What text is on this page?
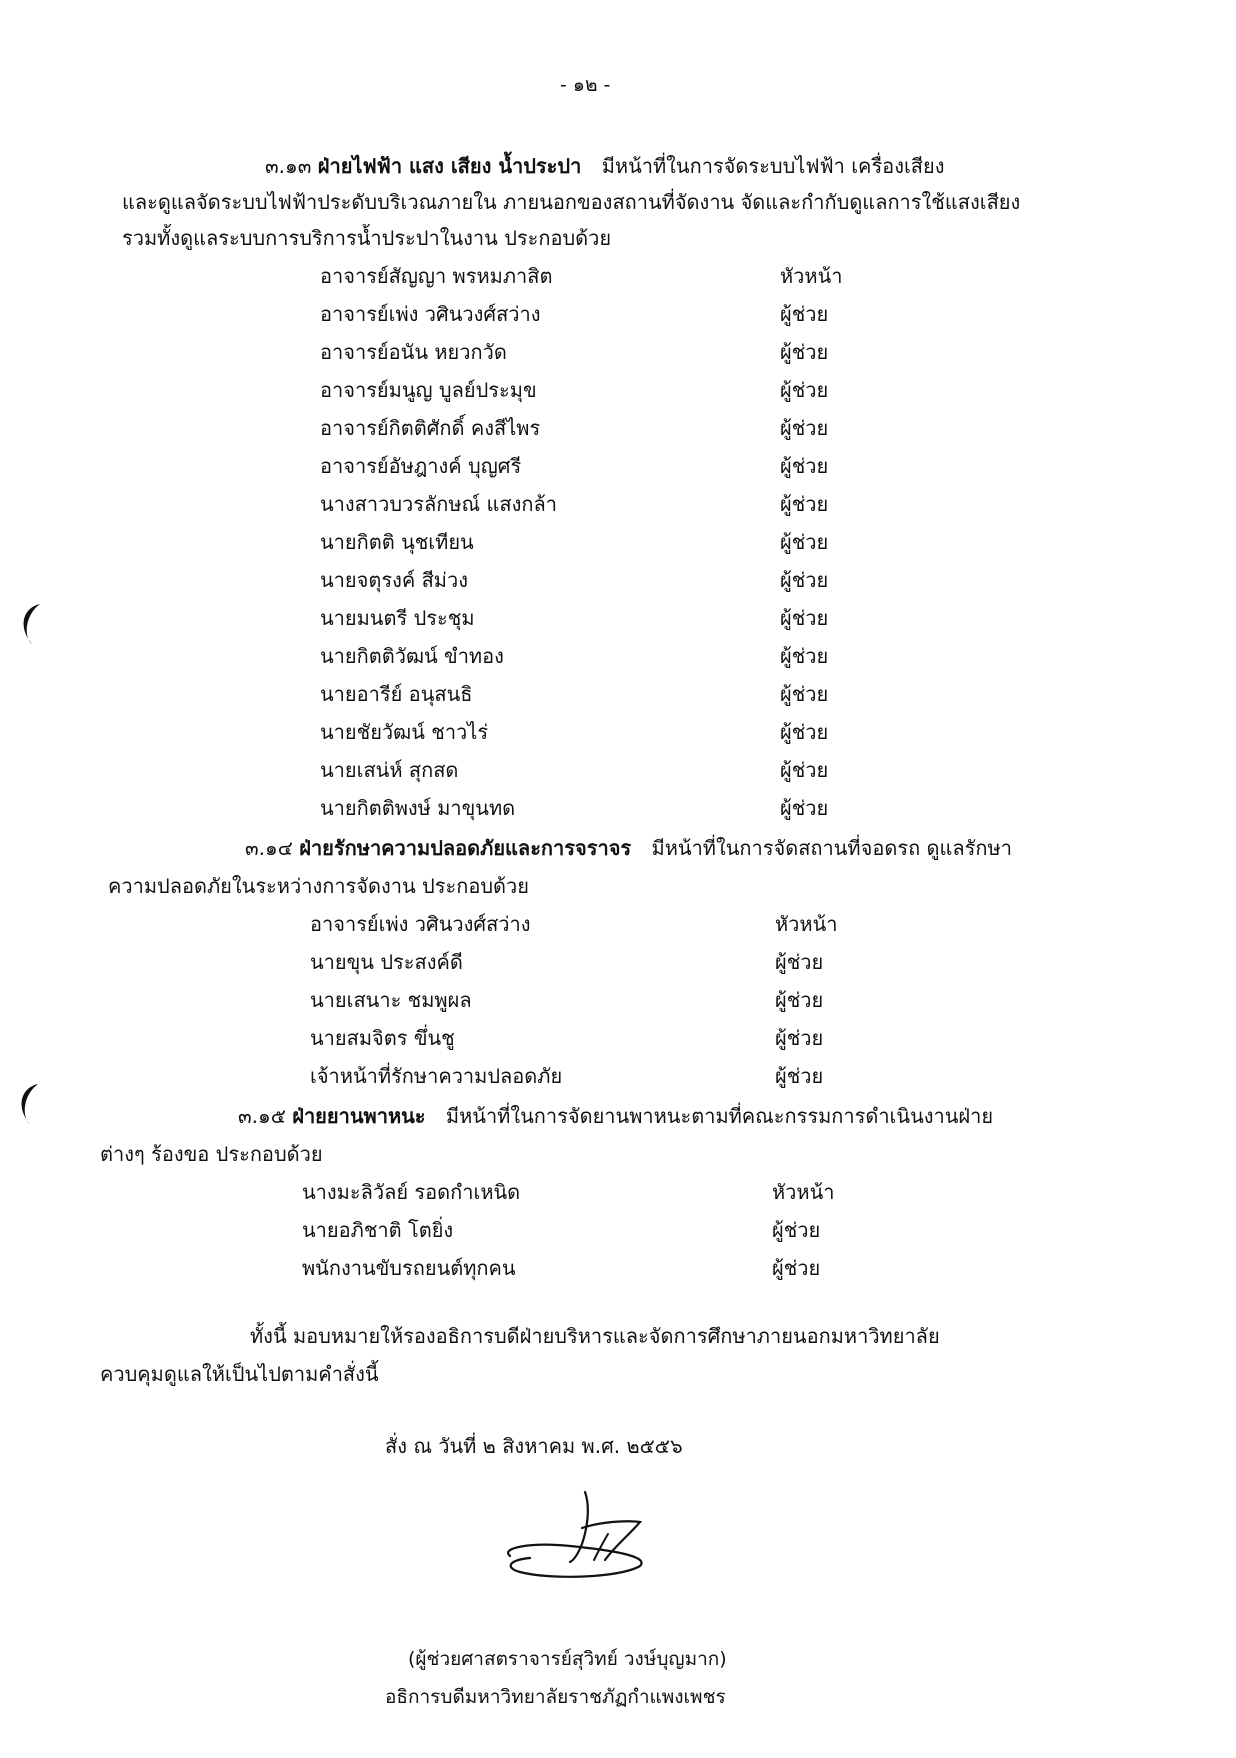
- ๑๒ -
๓.๑๓ ฝ่ายไฟฟ้า แสง เสียง น้ำประปา มีหน้าที่ในการจัดระบบไฟฟ้า เครื่องเสียง
และดูแลจัดระบบไฟฟ้าประดับบริเวณภายใน ภายนอกของสถานที่จัดงาน จัดและกำกับดูแลการใช้แสงเสียง
รวมทั้งดูแลระบบการบริการน้ำประปาในงาน ประกอบด้วย
อาจารย์สัญญา พรหมภาสิต	หัวหน้า
อาจารย์เพ่ง วศินวงศ์สว่าง	ผู้ช่วย
อาจารย์อนัน หยวกวัด	ผู้ช่วย
อาจารย์มนูญ บูลย์ประมุข	ผู้ช่วย
อาจารย์กิตติศักดิ์ คงสีไพร	ผู้ช่วย
อาจารย์อัษฎางค์ บุญศรี	ผู้ช่วย
นางสาวบวรลักษณ์ แสงกล้า	ผู้ช่วย
นายกิตติ นุชเทียน	ผู้ช่วย
นายจตุรงค์ สีม่วง	ผู้ช่วย
นายมนตรี ประชุม	ผู้ช่วย
นายกิตติวัฒน์ ขำทอง	ผู้ช่วย
นายอารีย์ อนุสนธิ	ผู้ช่วย
นายชัยวัฒน์ ชาวไร่	ผู้ช่วย
นายเสน่ห์ สุกสด	ผู้ช่วย
นายกิตติพงษ์ มาขุนทด	ผู้ช่วย
๓.๑๔ ฝ่ายรักษาความปลอดภัยและการจราจร มีหน้าที่ในการจัดสถานที่จอดรถ ดูแลรักษา
ความปลอดภัยในระหว่างการจัดงาน ประกอบด้วย
อาจารย์เพ่ง วศินวงศ์สว่าง	หัวหน้า
นายขุน ประสงค์ดี	ผู้ช่วย
นายเสนาะ ชมพูผล	ผู้ช่วย
นายสมจิตร ขึ่นชู	ผู้ช่วย
เจ้าหน้าที่รักษาความปลอดภัย	ผู้ช่วย
๓.๑๕ ฝ่ายยานพาหนะ มีหน้าที่ในการจัดยานพาหนะตามที่คณะกรรมการดำเนินงานฝ่าย
ต่างๆ ร้องขอ ประกอบด้วย
นางมะลิวัลย์ รอดกำเหนิด	หัวหน้า
นายอภิชาติ โตยิ่ง	ผู้ช่วย
พนักงานขับรถยนต์ทุกคน	ผู้ช่วย
ทั้งนี้ มอบหมายให้รองอธิการบดีฝ่ายบริหารและจัดการศึกษาภายนอกมหาวิทยาลัย
ควบคุมดูแลให้เป็นไปตามคำสั่งนี้
สั่ง ณ วันที่ ๒ สิงหาคม พ.ศ. ๒๕๕๖
(ผู้ช่วยศาสตราจารย์สุวิทย์ วงษ์บุญมาก)
อธิการบดีมหาวิทยาลัยราชภัฏกำแพงเพชร
